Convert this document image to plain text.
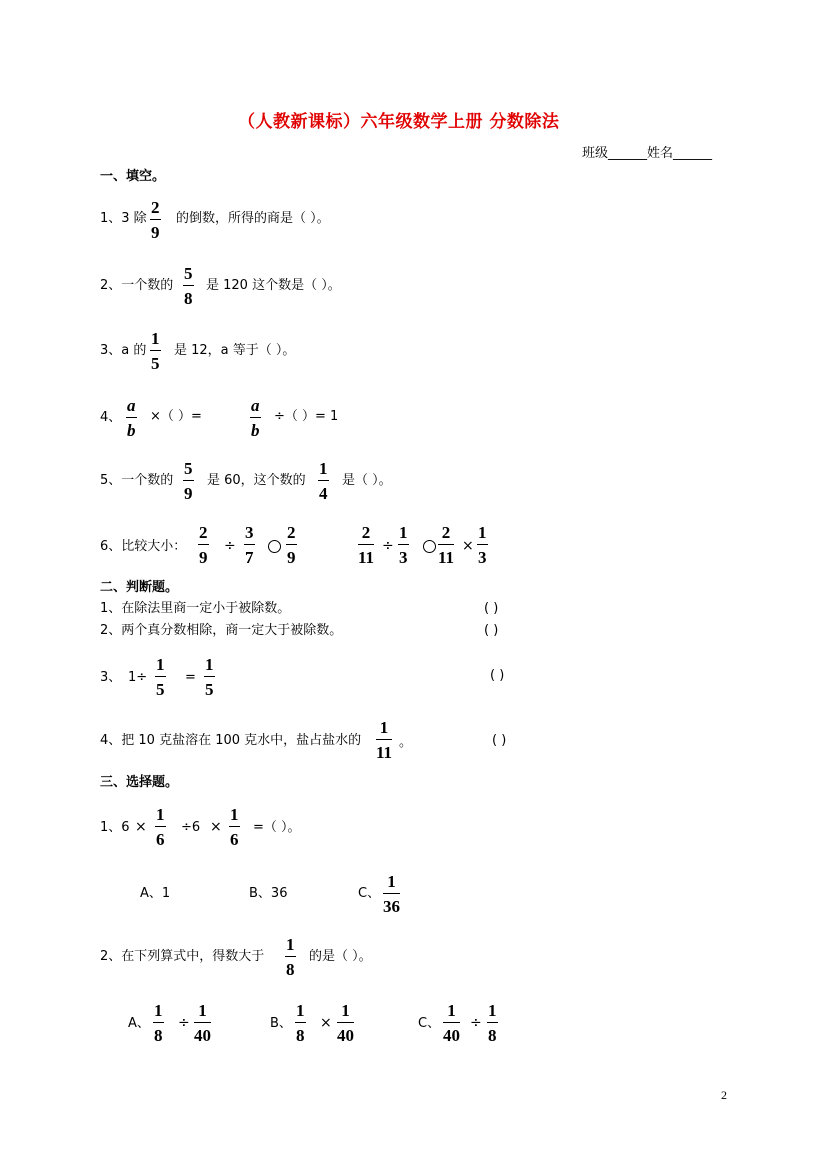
（人教新课标）六年级数学上册 分数除法
班级______姓名______
一、填空。
1、3 除
2
9
的倒数，所得的商是（ ）。
2、一个数的
5
8
是 120 这个数是（ ）。
3、a 的
1
5
是 12，a 等于（ ）。
4、
a
b
×（ ）=
a
b
÷（ ）= 1
5、一个数的
5
9
是 60，这个数的
1
4
是（ ）。
6、比较大小：
2
9
÷
3
7
2
9
2
11
÷
1
3
2
11
×
1
3
二、判断题。
1、在除法里商一定小于被除数。	( )
2、两个真分数相除，商一定大于被除数。	( )
3、 1÷
1
5
=
1
5
( )
4、把 10 克盐溶在 100 克水中，盐占盐水的
1
11
。	( )
三、选择题。
1、6 ×
1
6
÷6 ×
1
6
=（ ）。
A、1	B、36	C、
1
36
2、在下列算式中，得数大于
1
8
的是（ ）。
A、
1
8
÷
1
40
B、
1
8
×
1
40
C、
1
40
÷
1
8
2
